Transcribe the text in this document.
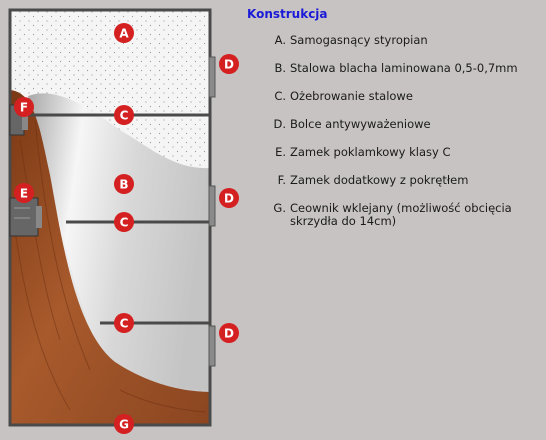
A
C
B
C
C
G
F
E
D
D
D
Konstrukcja
A. Samogasnący styropian
B. Stalowa blacha laminowana 0,5-0,7mm
C. Ożebrowanie stalowe
D. Bolce antywyważeniowe
E. Zamek poklamkowy klasy C
F. Zamek dodatkowy z pokrętłem
G. Ceownik wklejany (możliwość obcięcia skrzydła do 14cm)
